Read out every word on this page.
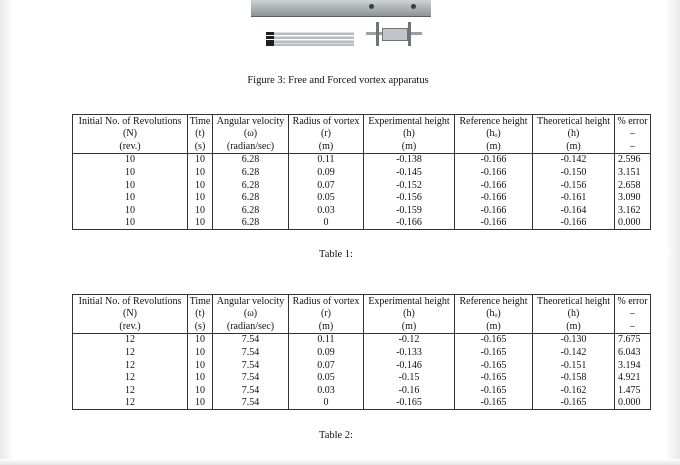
Figure 3: Free and Forced vortex apparatus
Initial No. of Revolutions	Time	Angular velocity	Radius of vortex	Experimental height	Reference height	Theoretical height	% error
(N)	(t)	(ω)	(r)	(h)	(hₒ)	(h)	–
(rev.)	(s)	(radian/sec)	(m)	(m)	(m)	(m)	–
10	10	6.28	0.11	-0.138	-0.166	-0.142	2.596
10	10	6.28	0.09	-0.145	-0.166	-0.150	3.151
10	10	6.28	0.07	-0.152	-0.166	-0.156	2.658
10	10	6.28	0.05	-0.156	-0.166	-0.161	3.090
10	10	6.28	0.03	-0.159	-0.166	-0.164	3.162
10	10	6.28	0	-0.166	-0.166	-0.166	0.000
Table 1:
Initial No. of Revolutions	Time	Angular velocity	Radius of vortex	Experimental height	Reference height	Theoretical height	% error
(N)	(t)	(ω)	(r)	(h)	(hₒ)	(h)	–
(rev.)	(s)	(radian/sec)	(m)	(m)	(m)	(m)	–
12	10	7.54	0.11	-0.12	-0.165	-0.130	7.675
12	10	7.54	0.09	-0.133	-0.165	-0.142	6.043
12	10	7.54	0.07	-0.146	-0.165	-0.151	3.194
12	10	7.54	0.05	-0.15	-0.165	-0.158	4.921
12	10	7.54	0.03	-0.16	-0.165	-0.162	1.475
12	10	7.54	0	-0.165	-0.165	-0.165	0.000
Table 2:
